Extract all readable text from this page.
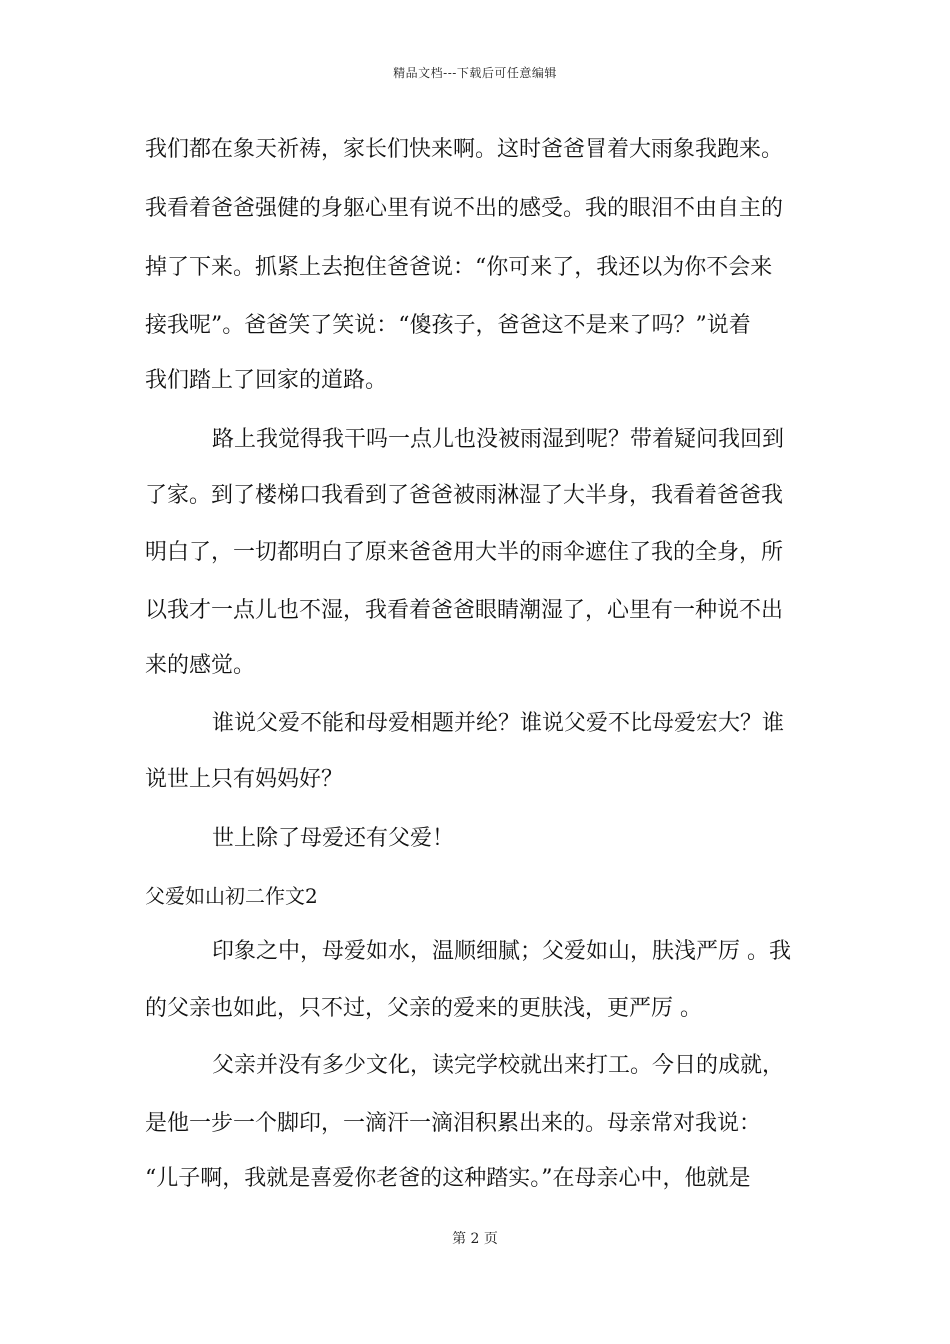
精品文档---下载后可任意编辑
我们都在象天祈祷，家长们快来啊。这时爸爸冒着大雨象我跑来。
我看着爸爸强健的身躯心里有说不出的感受。我的眼泪不由自主的
掉了下来。抓紧上去抱住爸爸说：“你可来了，我还以为你不会来
接我呢”。爸爸笑了笑说：“傻孩子，爸爸这不是来了吗？”说着
我们踏上了回家的道路。
路上我觉得我干吗一点儿也没被雨湿到呢？带着疑问我回到
了家。到了楼梯口我看到了爸爸被雨淋湿了大半身，我看着爸爸我
明白了，一切都明白了原来爸爸用大半的雨伞遮住了我的全身，所
以我才一点儿也不湿，我看着爸爸眼睛潮湿了，心里有一种说不出
来的感觉。
谁说父爱不能和母爱相题并纶？谁说父爱不比母爱宏大？谁
说世上只有妈妈好？
世上除了母爱还有父爱！
父爱如山初二作文2
印象之中，母爱如水，温顺细腻；父爱如山，肤浅严厉 。我
的父亲也如此，只不过，父亲的爱来的更肤浅，更严厉 。
父亲并没有多少文化，读完学校就出来打工。今日的成就，
是他一步一个脚印，一滴汗一滴泪积累出来的。母亲常对我说：
“儿子啊，我就是喜爱你老爸的这种踏实。”在母亲心中，他就是
第 2 页
